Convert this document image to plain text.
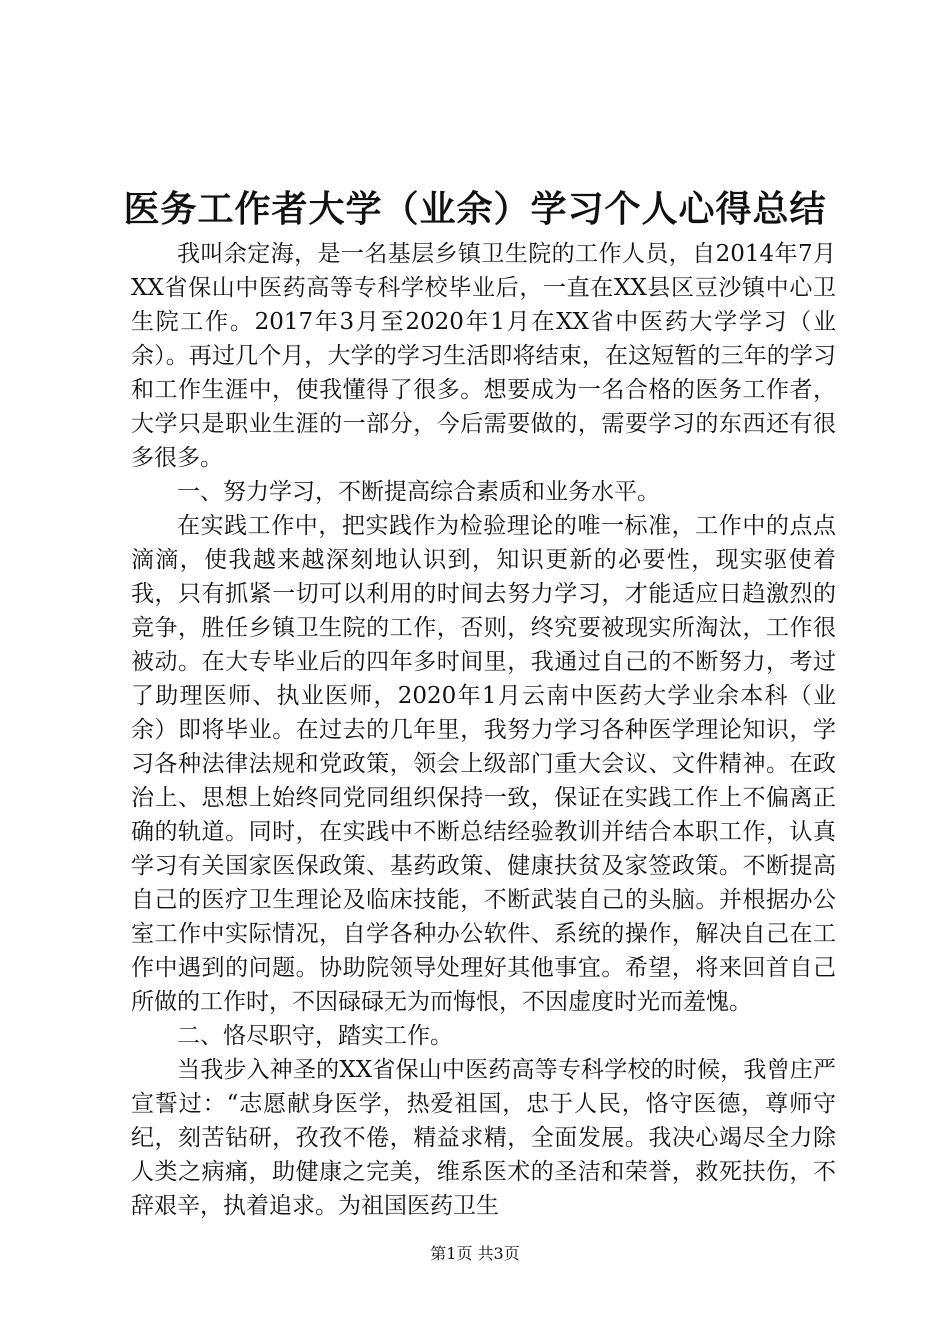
医务工作者大学（业余）学习个人心得总结

我叫余定海，是一名基层乡镇卫生院的工作人员，自2014年7月XX省保山中医药高等专科学校毕业后，一直在XX县区豆沙镇中心卫生院工作。2017年3月至2020年1月在XX省中医药大学学习（业余）。再过几个月，大学的学习生活即将结束，在这短暂的三年的学习和工作生涯中，使我懂得了很多。想要成为一名合格的医务工作者，大学只是职业生涯的一部分，今后需要做的，需要学习的东西还有很多很多。

一、努力学习，不断提高综合素质和业务水平。

在实践工作中，把实践作为检验理论的唯一标准，工作中的点点滴滴，使我越来越深刻地认识到，知识更新的必要性，现实驱使着我，只有抓紧一切可以利用的时间去努力学习，才能适应日趋激烈的竞争，胜任乡镇卫生院的工作，否则，终究要被现实所淘汰，工作很被动。在大专毕业后的四年多时间里，我通过自己的不断努力，考过了助理医师、执业医师，2020年1月云南中医药大学业余本科（业余）即将毕业。在过去的几年里，我努力学习各种医学理论知识，学习各种法律法规和党政策，领会上级部门重大会议、文件精神。在政治上、思想上始终同党同组织保持一致，保证在实践工作上不偏离正确的轨道。同时，在实践中不断总结经验教训并结合本职工作，认真学习有关国家医保政策、基药政策、健康扶贫及家签政策。不断提高自己的医疗卫生理论及临床技能，不断武装自己的头脑。并根据办公室工作中实际情况，自学各种办公软件、系统的操作，解决自己在工作中遇到的问题。协助院领导处理好其他事宜。希望，将来回首自己所做的工作时，不因碌碌无为而悔恨，不因虚度时光而羞愧。

二、恪尽职守，踏实工作。

当我步入神圣的XX省保山中医药高等专科学校的时候，我曾庄严宣誓过：“志愿献身医学，热爱祖国，忠于人民，恪守医德，尊师守纪，刻苦钻研，孜孜不倦，精益求精，全面发展。我决心竭尽全力除人类之病痛，助健康之完美，维系医术的圣洁和荣誉，救死扶伤，不辞艰辛，执着追求。为祖国医药卫生

第1页 共3页
